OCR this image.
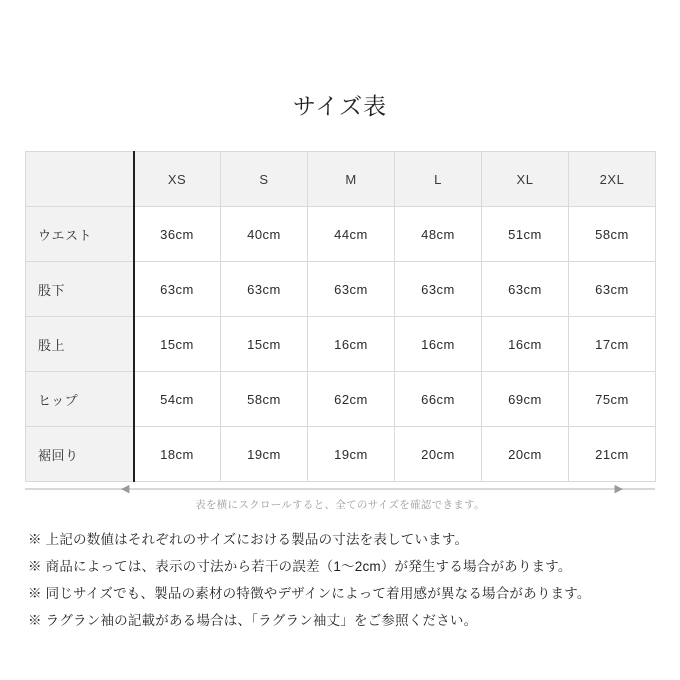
サイズ表
	XS	S	M	L	XL	2XL
ウエスト	36cm	40cm	44cm	48cm	51cm	58cm
股下	63cm	63cm	63cm	63cm	63cm	63cm
股上	15cm	15cm	16cm	16cm	16cm	17cm
ヒップ	54cm	58cm	62cm	66cm	69cm	75cm
裾回り	18cm	19cm	19cm	20cm	20cm	21cm
◀	▶
表を横にスクロールすると、全てのサイズを確認できます。
※ 上記の数値はそれぞれのサイズにおける製品の寸法を表しています。
※ 商品によっては、表示の寸法から若干の誤差（1〜2cm）が発生する場合があります。
※ 同じサイズでも、製品の素材の特徴やデザインによって着用感が異なる場合があります。
※ ラグラン袖の記載がある場合は、「ラグラン袖丈」をご参照ください。
